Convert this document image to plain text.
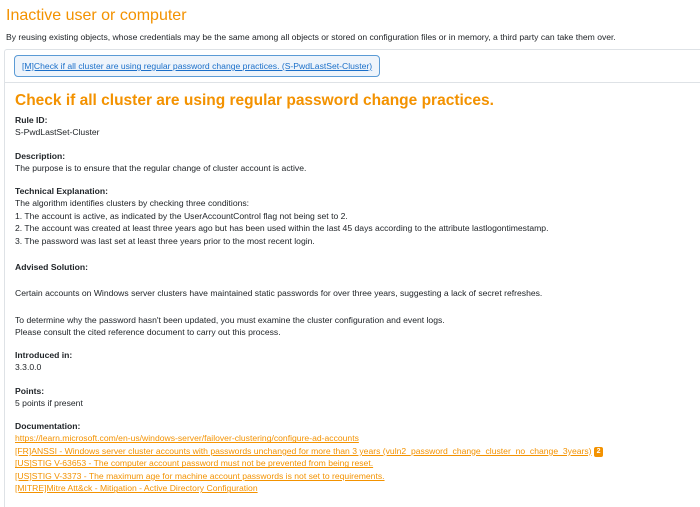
Inactive user or computer

By reusing existing objects, whose credentials may be the same among all objects or stored on configuration files or in memory, a third party can take them over.

[M]Check if all cluster are using regular password change practices. (S-PwdLastSet-Cluster)
Check if all cluster are using regular password change practices.
Rule ID:
S-PwdLastSet-Cluster
Description:
The purpose is to ensure that the regular change of cluster account is active.
Technical Explanation:
The algorithm identifies clusters by checking three conditions:
1. The account is active, as indicated by the UserAccountControl flag not being set to 2.
2. The account was created at least three years ago but has been used within the last 45 days according to the attribute lastlogontimestamp.
3. The password was last set at least three years prior to the most recent login.
Advised Solution:
Certain accounts on Windows server clusters have maintained static passwords for over three years, suggesting a lack of secret refreshes.
To determine why the password hasn't been updated, you must examine the cluster configuration and event logs.
Please consult the cited reference document to carry out this process.
Introduced in:
3.3.0.0
Points:
5 points if present
Documentation:
https://learn.microsoft.com/en-us/windows-server/failover-clustering/configure-ad-accounts
[FR]ANSSI - Windows server cluster accounts with passwords unchanged for more than 3 years (vuln2_password_change_cluster_no_change_3years) 2
[US]STIG V-63653 - The computer account password must not be prevented from being reset.
[US]STIG V-3373 - The maximum age for machine account passwords is not set to requirements.
[MITRE]Mitre Att&ck - Mitigation - Active Directory Configuration
